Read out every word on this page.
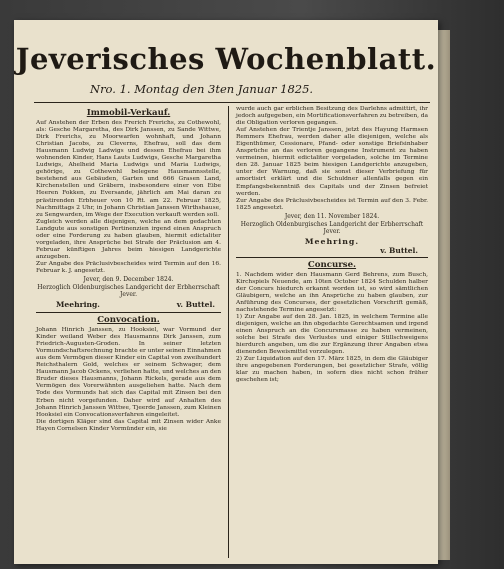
Jeverisches Wochenblatt.
Nro. 1. Montag den 3ten Januar 1825.
Immobil-Verkauf.

Auf Anstehen der Erben des Frerich Frerichs, zu Cothewohl, als: Gesche Margaretha, des Dirk Janssen, zu Sande Wittwe, Dirk Frerichs, zu Moorwarfen wohnhaft, und Johann Christian Jacobs, zu Cleverns, Ehefrau, soll das dem Hausmann Ludwig Ladwigs und dessen Ehefrau bei ihm wohnenden Kinder, Hans Lauts Ludwigs, Gesche Margaretha Ludwigs, Ahelheid Maria Ludwigs und Maria Ludwigs, gehörige, zu Cothewohl belegene Hausmannsstelle, bestehend aus Gebäuden, Garten und 666 Grasen Land, Kirchenstellen und Gräbern, insbesondere einer von Eibe Heeren Fokken, zu Eversande, jährlich am Mai daran zu prästirenden Erbheuer von 10 Rt. am 22. Februar 1825, Nachmittags 2 Uhr, in Johann Christian Janssen Wirthshause, zu Sengwarden, im Wege der Execution verkauft werden soll.

Zugleich werden alle diejenigen, welche an dem gedachten Landgute aus sonstigen Pertinenzien irgend einen Anspruch oder eine Forderung zu haben glauben, hiermit edictaliter vorgeladen, ihre Ansprüche bei Strafe der Präclusion am 4. Februar künftigen Jahres beim hiesigen Landgerichte anzugeben.

Zur Angabe des Präclusivbescheides wird Termin auf den 16. Februar k. J. angesetzt.

Jever, den 9. December 1824.

Herzoglich Oldenburgisches Landgericht der Erbherrschaft Jever.

Meehring.	v. Buttel.
Convocation.

Johann Hinrich Janssen, zu Hooksiel, war Vormund der Kinder weiland Weber des Hausmanns Dirk Janssen, zum Friedrich-Augusten-Groden. In seiner letzten Vormundschaftsrechnung brachte er unter seinen Einnahmen aus dem Vermögen dieser Kinder ein Capital von zweihundert Reichsthalern Gold, welches er seinem Schwager, dem Hausmann Jacob Ockens, verliehen hatte, und welches an den Bruder dieses Hausmanns, Johann Rickels, gerade aus dem Vermögen des Vorerwähnten ausgeliehen hatte. Nach dem Tode des Vormunds hat sich das Capital mit Zinsen bei den Erben nicht vorgefunden. Daher wird auf Anhalten des Johann Hinrich Janssen Wittwe, Tjeerde Janssen, zum Kleinen Hooksiel ein Convocationsverfahren eingeleitet.

Die dortigen Kläger sind das Capital mit Zinsen wider Anke Hayen Cornelsen Kinder Vormünder ein, sie

wurde auch gar erblichen Besitzung des Darlehns admittirt, ihr jedoch aufgegeben, ein Mortificationsverfahren zu betreiben, da die Obligation verloren gegangen.

Auf Anstehen der Trientje Janssen, jetzt des Hayung Harmsen Remmers Ehefrau, werden daher alle diejenigen, welche als Eigenthümer, Cessionare, Pfand- oder sonstige Briefsinhaber Ansprüche an das verloren gegangene Instrument zu haben vermeinen, hiermit edictaliter vorgeladen, solche im Termine den 28. Januar 1825 beim hiesigen Landgerichte anzugeben, unter der Warnung, daß sie sonst dieser Verbriefung für amortisirt erklärt und die Schuldner allenfalls gegen ein Empfangsbekenntniß des Capitals und der Zinsen befreiet werden.

Zur Angabe des Präclusivbescheides ist Termin auf den 3. Febr. 1825 angesetzt.

Jever, den 11. November 1824.

Herzoglich Oldenburgisches Landgericht der Erbherrschaft Jever.

Meehring.

v. Buttel.

Concurse.

1. Nachdem wider den Hausmann Gerd Behrens, zum Busch, Kirchspiels Neuende, am 10ten October 1824 Schulden halber der Concurs hiedurch erkannt worden ist, so wird sämtlichen Gläubigern, welche an ihn Ansprüche zu haben glauben, zur Anführung des Concurses, der gesetzlichen Vorschrift gemäß, nachstehende Termine angesetzt:

1) Zur Angabe auf den 28. Jan. 1825, in welchem Termine alle diejenigen, welche an ihn obgedachte Gerechtsamen und irgend einen Anspruch an die Concursmasse zu haben vermeinen, solche bei Strafe des Verlustes und einiger Stillschweigens hierdurch angeben, um die zur Ergänzung ihrer Angaben etwa dienenden Beweismittel vorzulegen.

2) Zur Liquidation auf den 17. März 1825, in dem die Gläubiger ihre angegebenen Forderungen, bei gesetzlicher Strafe, völlig klar zu machen haben, in sofern dies nicht schon früher geschehen ist;
